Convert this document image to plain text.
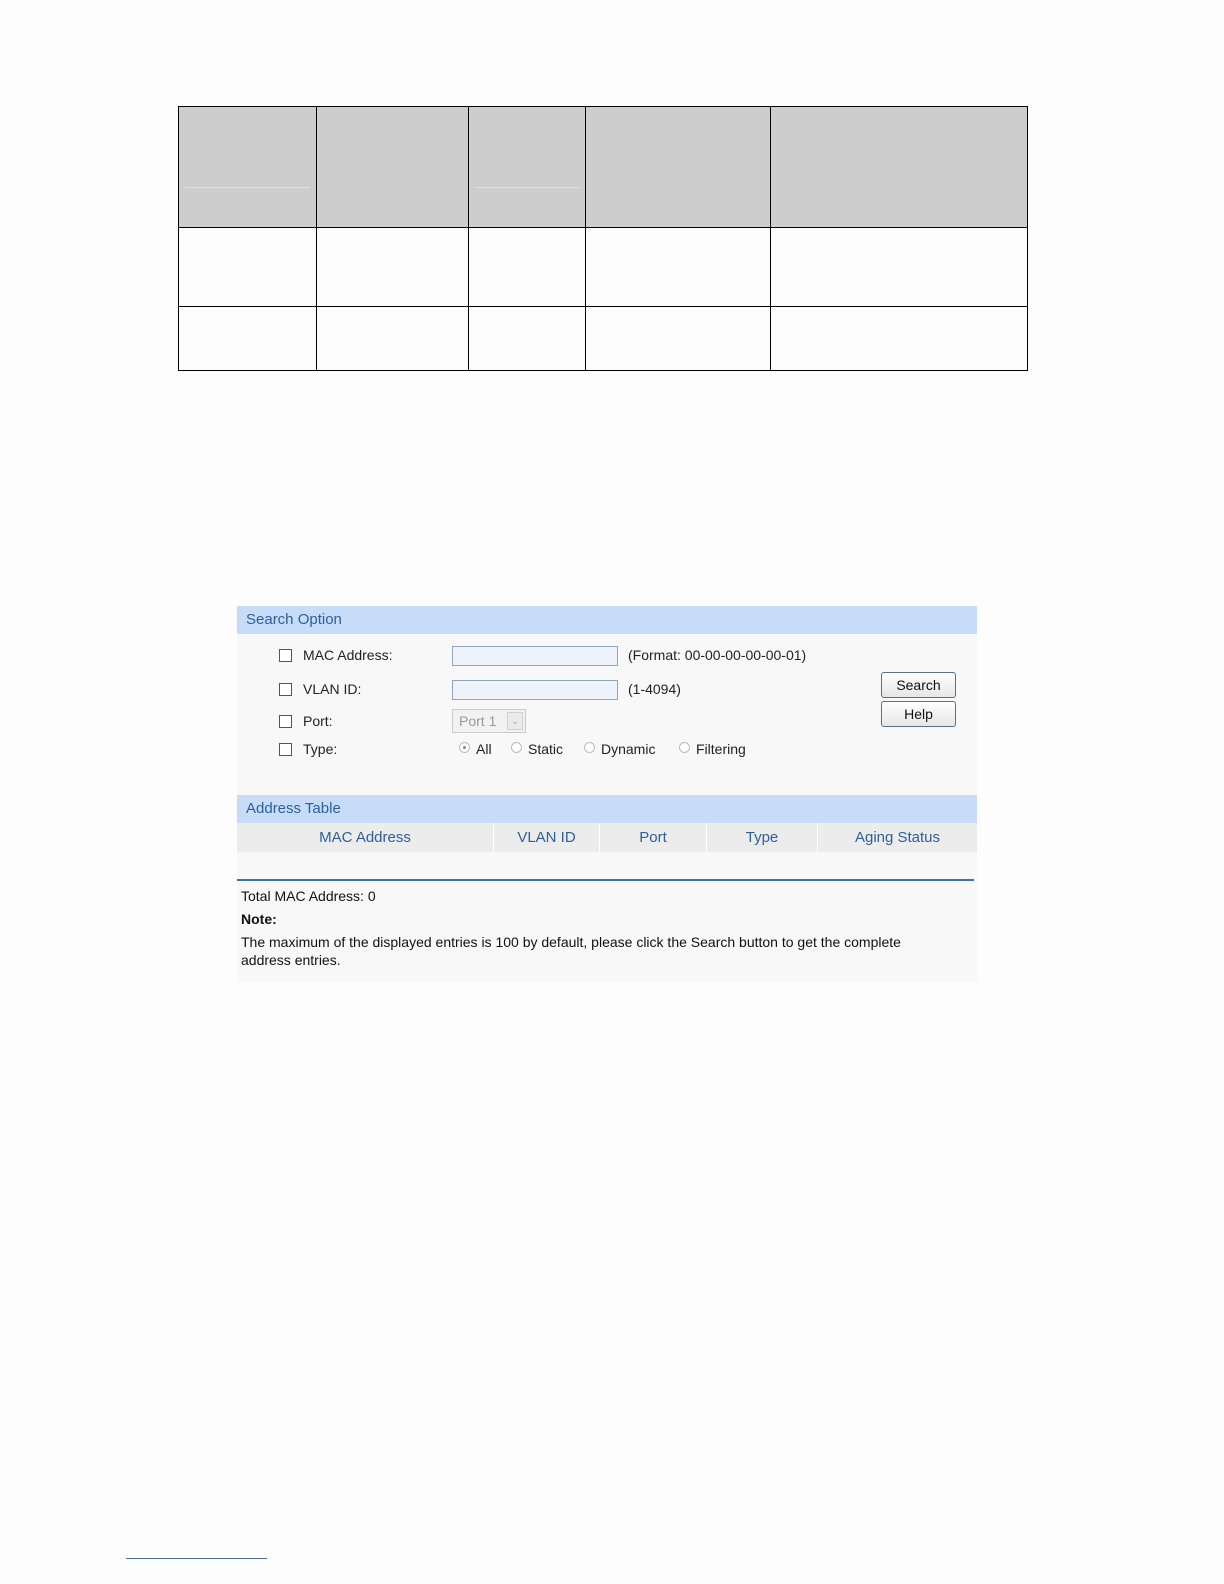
Search Option
MAC Address:	(Format: 00-00-00-00-00-01)
VLAN ID:	(1-4094)
Port:	Port 1	⌄
Type:	All	Static	Dynamic	Filtering
Search
Help
Address Table
MAC Address	VLAN ID	Port	Type	Aging Status
Total MAC Address: 0
Note:
The maximum of the displayed entries is 100 by default, please click the Search button to get the complete
address entries.
